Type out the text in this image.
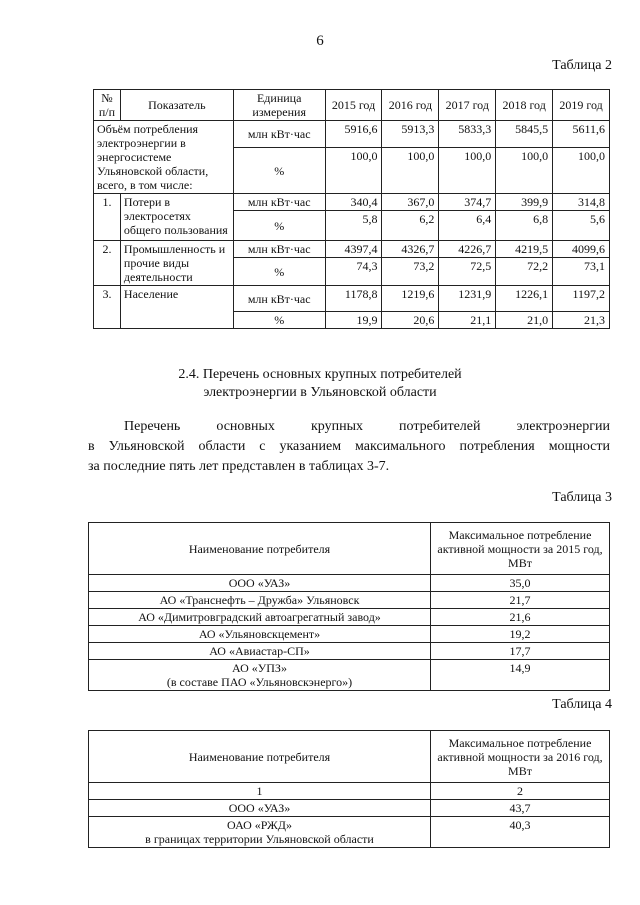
6
Таблица 2
№ п/п	Показатель	Единица измерения	2015 год	2016 год	2017 год	2018 год	2019 год
Объём потребления электроэнергии в энергосистеме Ульяновской области, всего, в том числе:		млн кВт·час	5916,6	5913,3	5833,3	5845,5	5611,6
		%	100,0	100,0	100,0	100,0	100,0
1.	Потери в электросетях общего пользования	млн кВт·час	340,4	367,0	374,7	399,9	314,8
		%	5,8	6,2	6,4	6,8	5,6
2.	Промышленность и прочие виды деятельности	млн кВт·час	4397,4	4326,7	4226,7	4219,5	4099,6
		%	74,3	73,2	72,5	72,2	73,1
3.	Население	млн кВт·час	1178,8	1219,6	1231,9	1226,1	1197,2
		%	19,9	20,6	21,1	21,0	21,3
2.4. Перечень основных крупных потребителей
электроэнергии в Ульяновской области
Перечень основных крупных потребителей электроэнергии
в Ульяновской области с указанием максимального потребления мощности
за последние пять лет представлен в таблицах 3-7.
Таблица 3
Наименование потребителя	Максимальное потребление активной мощности за 2015 год, МВт
ООО «УАЗ»	35,0
АО «Транснефть – Дружба» Ульяновск	21,7
АО «Димитровградский автоагрегатный завод»	21,6
АО «Ульяновскцемент»	19,2
АО «Авиастар-СП»	17,7

АО «УПЗ»
(в составе ПАО «Ульяновскэнерго»)	14,9
Таблица 4
Наименование потребителя	Максимальное потребление активной мощности за 2016 год, МВт
1	2
ООО «УАЗ»	43,7

ОАО «РЖД»
в границах территории Ульяновской области	40,3
